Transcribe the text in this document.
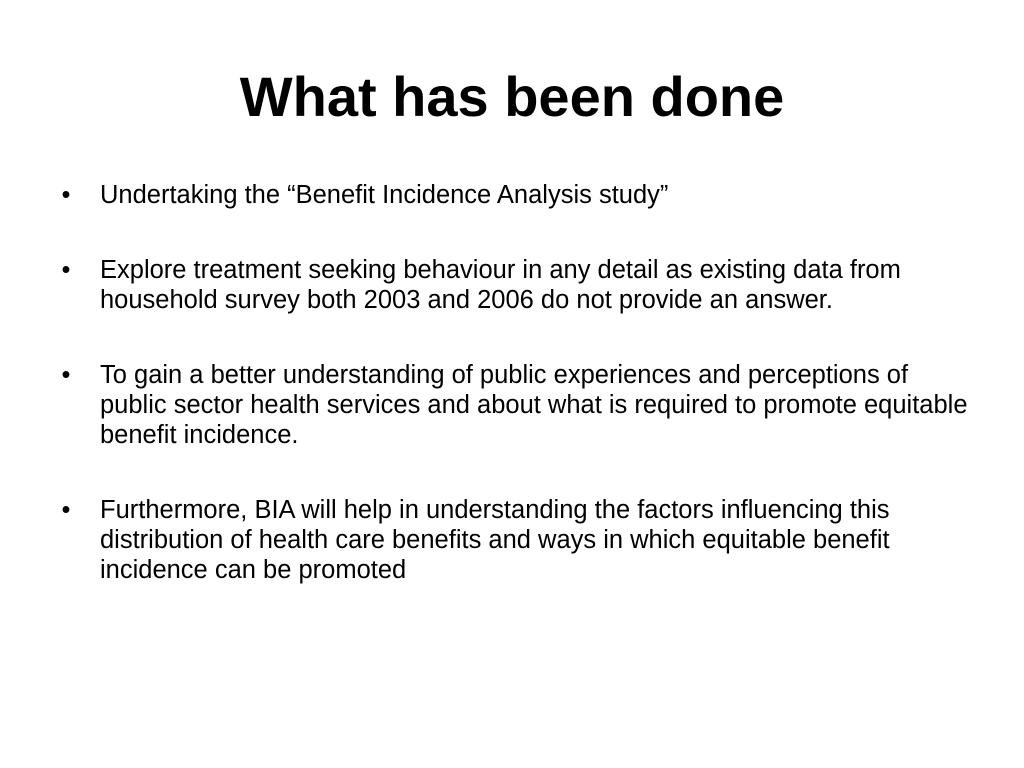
What has been done
• Undertaking the “Benefit Incidence Analysis study”
• Explore treatment seeking behaviour in any detail as existing data from household survey both 2003 and 2006 do not provide an answer.
• To gain a better understanding of public experiences and perceptions of public sector health services and about what is required to promote equitable benefit incidence.
• Furthermore, BIA will help in understanding the factors influencing this distribution of health care benefits and ways in which equitable benefit incidence can be promoted
